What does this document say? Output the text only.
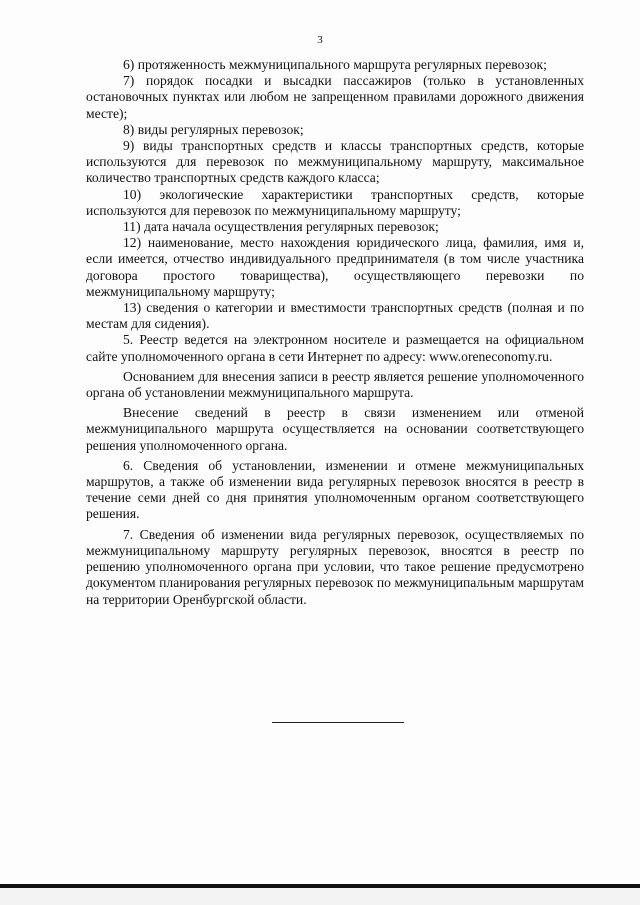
3

6) протяженность межмуниципального маршрута регулярных перевозок;

7) порядок посадки и высадки пассажиров (только в установленных остановочных пунктах или любом не запрещенном правилами дорожного движения месте);

8) виды регулярных перевозок;

9) виды транспортных средств и классы транспортных средств, которые используются для перевозок по межмуниципальному маршруту, максимальное количество транспортных средств каждого класса;

10) экологические характеристики транспортных средств, которые используются для перевозок по межмуниципальному маршруту;

11) дата начала осуществления регулярных перевозок;

12) наименование, место нахождения юридического лица, фамилия, имя и, если имеется, отчество индивидуального предпринимателя (в том числе участника договора простого товарищества), осуществляющего перевозки по межмуниципальному маршруту;

13) сведения о категории и вместимости транспортных средств (полная и по местам для сидения).

5. Реестр ведется на электронном носителе и размещается на официальном сайте уполномоченного органа в сети Интернет по адресу: www.oreneconomy.ru.

Основанием для внесения записи в реестр является решение уполномоченного органа об установлении межмуниципального маршрута.

Внесение сведений в реестр в связи изменением или отменой межмуниципального маршрута осуществляется на основании соответствующего решения уполномоченного органа.

6. Сведения об установлении, изменении и отмене межмуниципальных маршрутов, а также об изменении вида регулярных перевозок вносятся в реестр в течение семи дней со дня принятия уполномоченным органом соответствующего решения.

7. Сведения об изменении вида регулярных перевозок, осуществляемых по межмуниципальному маршруту регулярных перевозок, вносятся в реестр по решению уполномоченного органа при условии, что такое решение предусмотрено документом планирования регулярных перевозок по межмуниципальным маршрутам на территории Оренбургской области.
